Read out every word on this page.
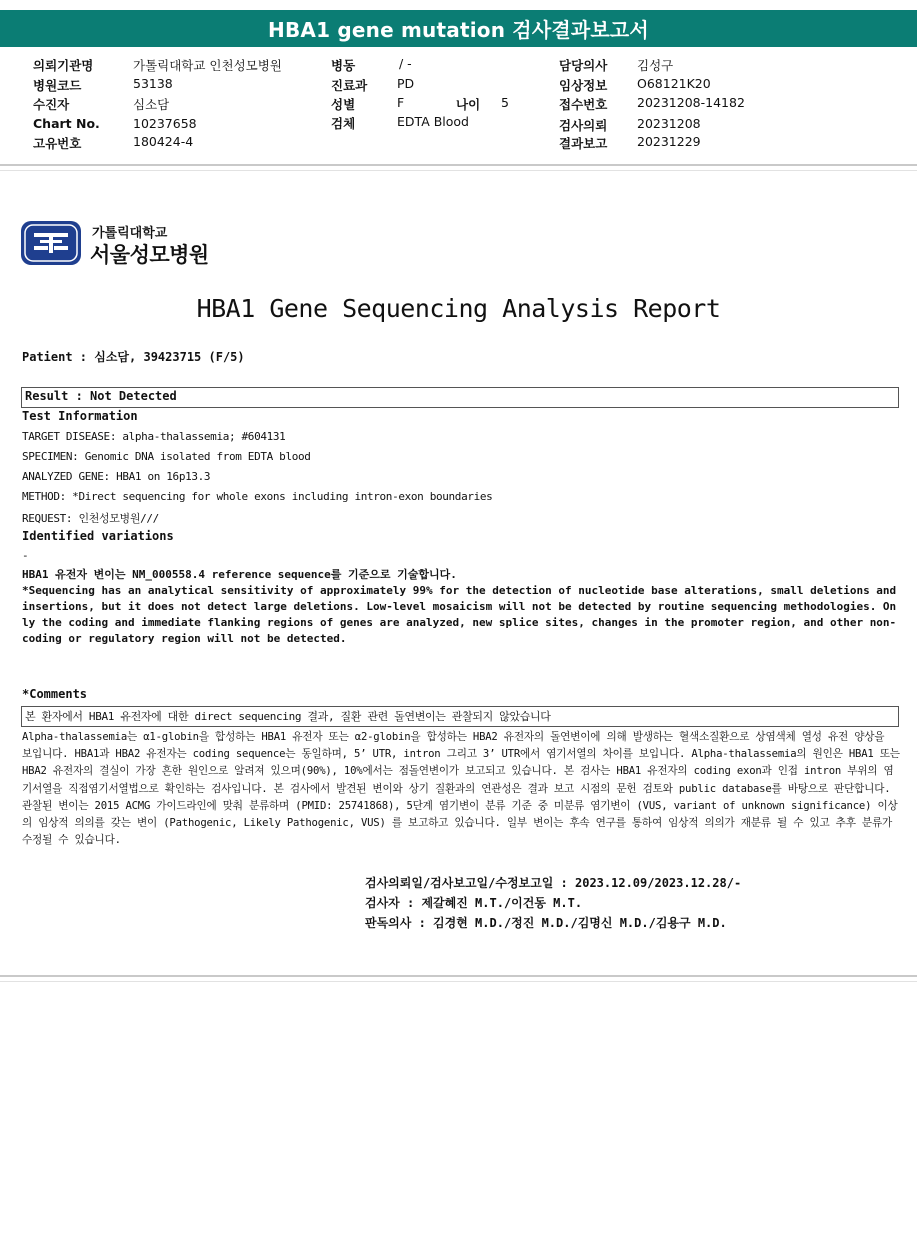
HBA1 gene mutation 검사결과보고서
의뢰기관명	가톨릭대학교 인천성모병원
병원코드	53138
수진자	심소담
Chart No.	10237658
고유번호	180424-4
병동	/ -
진료과 PD
성별	F	나이 5
검체	EDTA Blood
담당의사 김성구
임상정보 O68121K20
접수번호 20231208-14182
검사의뢰 20231208
결과보고 20231229
가톨릭대학교
서울성모병원
HBA1 Gene Sequencing Analysis Report
Patient : 심소담, 39423715 (F/5)
Result : Not Detected
Test Information
TARGET DISEASE: alpha-thalassemia; #604131
SPECIMEN: Genomic DNA isolated from EDTA blood
ANALYZED GENE: HBA1 on 16p13.3
METHOD: *Direct sequencing for whole exons including intron-exon boundaries
REQUEST: 인천성모병원///
Identified variations
-
HBA1 유전자 변이는 NM_000558.4 reference sequence를 기준으로 기술합니다.
*Sequencing has an analytical sensitivity of approximately 99% for the detection of nucleotide base alterations, small deletions and insertions, but it does not detect large deletions. Low-level mosaicism will not be detected by routine sequencing methodologies. Only the coding and immediate flanking regions of genes are analyzed, new splice sites, changes in the promoter region, and other non-coding or regulatory region will not be detected.
*Comments
본 환자에서 HBA1 유전자에 대한 direct sequencing 결과, 질환 관련 돌연변이는 관찰되지 않았습니다
Alpha-thalassemia는 α1-globin을 합성하는 HBA1 유전자 또는 α2-globin을 합성하는 HBA2 유전자의 돌연변이에 의해 발생하는 혈색소질환으로 상염색체 열성 유전 양상을 보입니다. HBA1과 HBA2 유전자는 coding sequence는 동일하며, 5’ UTR, intron 그리고 3’ UTR에서 염기서열의 차이를 보입니다. Alpha-thalassemia의 원인은 HBA1 또는 HBA2 유전자의 결실이 가장 흔한 원인으로 알려져 있으며(90%), 10%에서는 점돌연변이가 보고되고 있습니다. 본 검사는 HBA1 유전자의 coding exon과 인접 intron 부위의 염기서열을 직접염기서열법으로 확인하는 검사입니다. 본 검사에서 발견된 변이와 상기 질환과의 연관성은 결과 보고 시점의 문헌 검토와 public database를 바탕으로 판단합니다. 관찰된 변이는 2015 ACMG 가이드라인에 맞춰 분류하며 (PMID: 25741868), 5단계 염기변이 분류 기준 중 미분류 염기변이 (VUS, variant of unknown significance) 이상의 임상적 의의를 갖는 변이 (Pathogenic, Likely Pathogenic, VUS) 를 보고하고 있습니다. 일부 변이는 후속 연구를 통하여 임상적 의의가 재분류 될 수 있고 추후 분류가 수정될 수 있습니다.
검사의뢰일/검사보고일/수정보고일 : 2023.12.09/2023.12.28/-
검사자 : 제갈혜진 M.T./이건동 M.T.
판독의사 : 김경현 M.D./정진 M.D./김명신 M.D./김용구 M.D.
